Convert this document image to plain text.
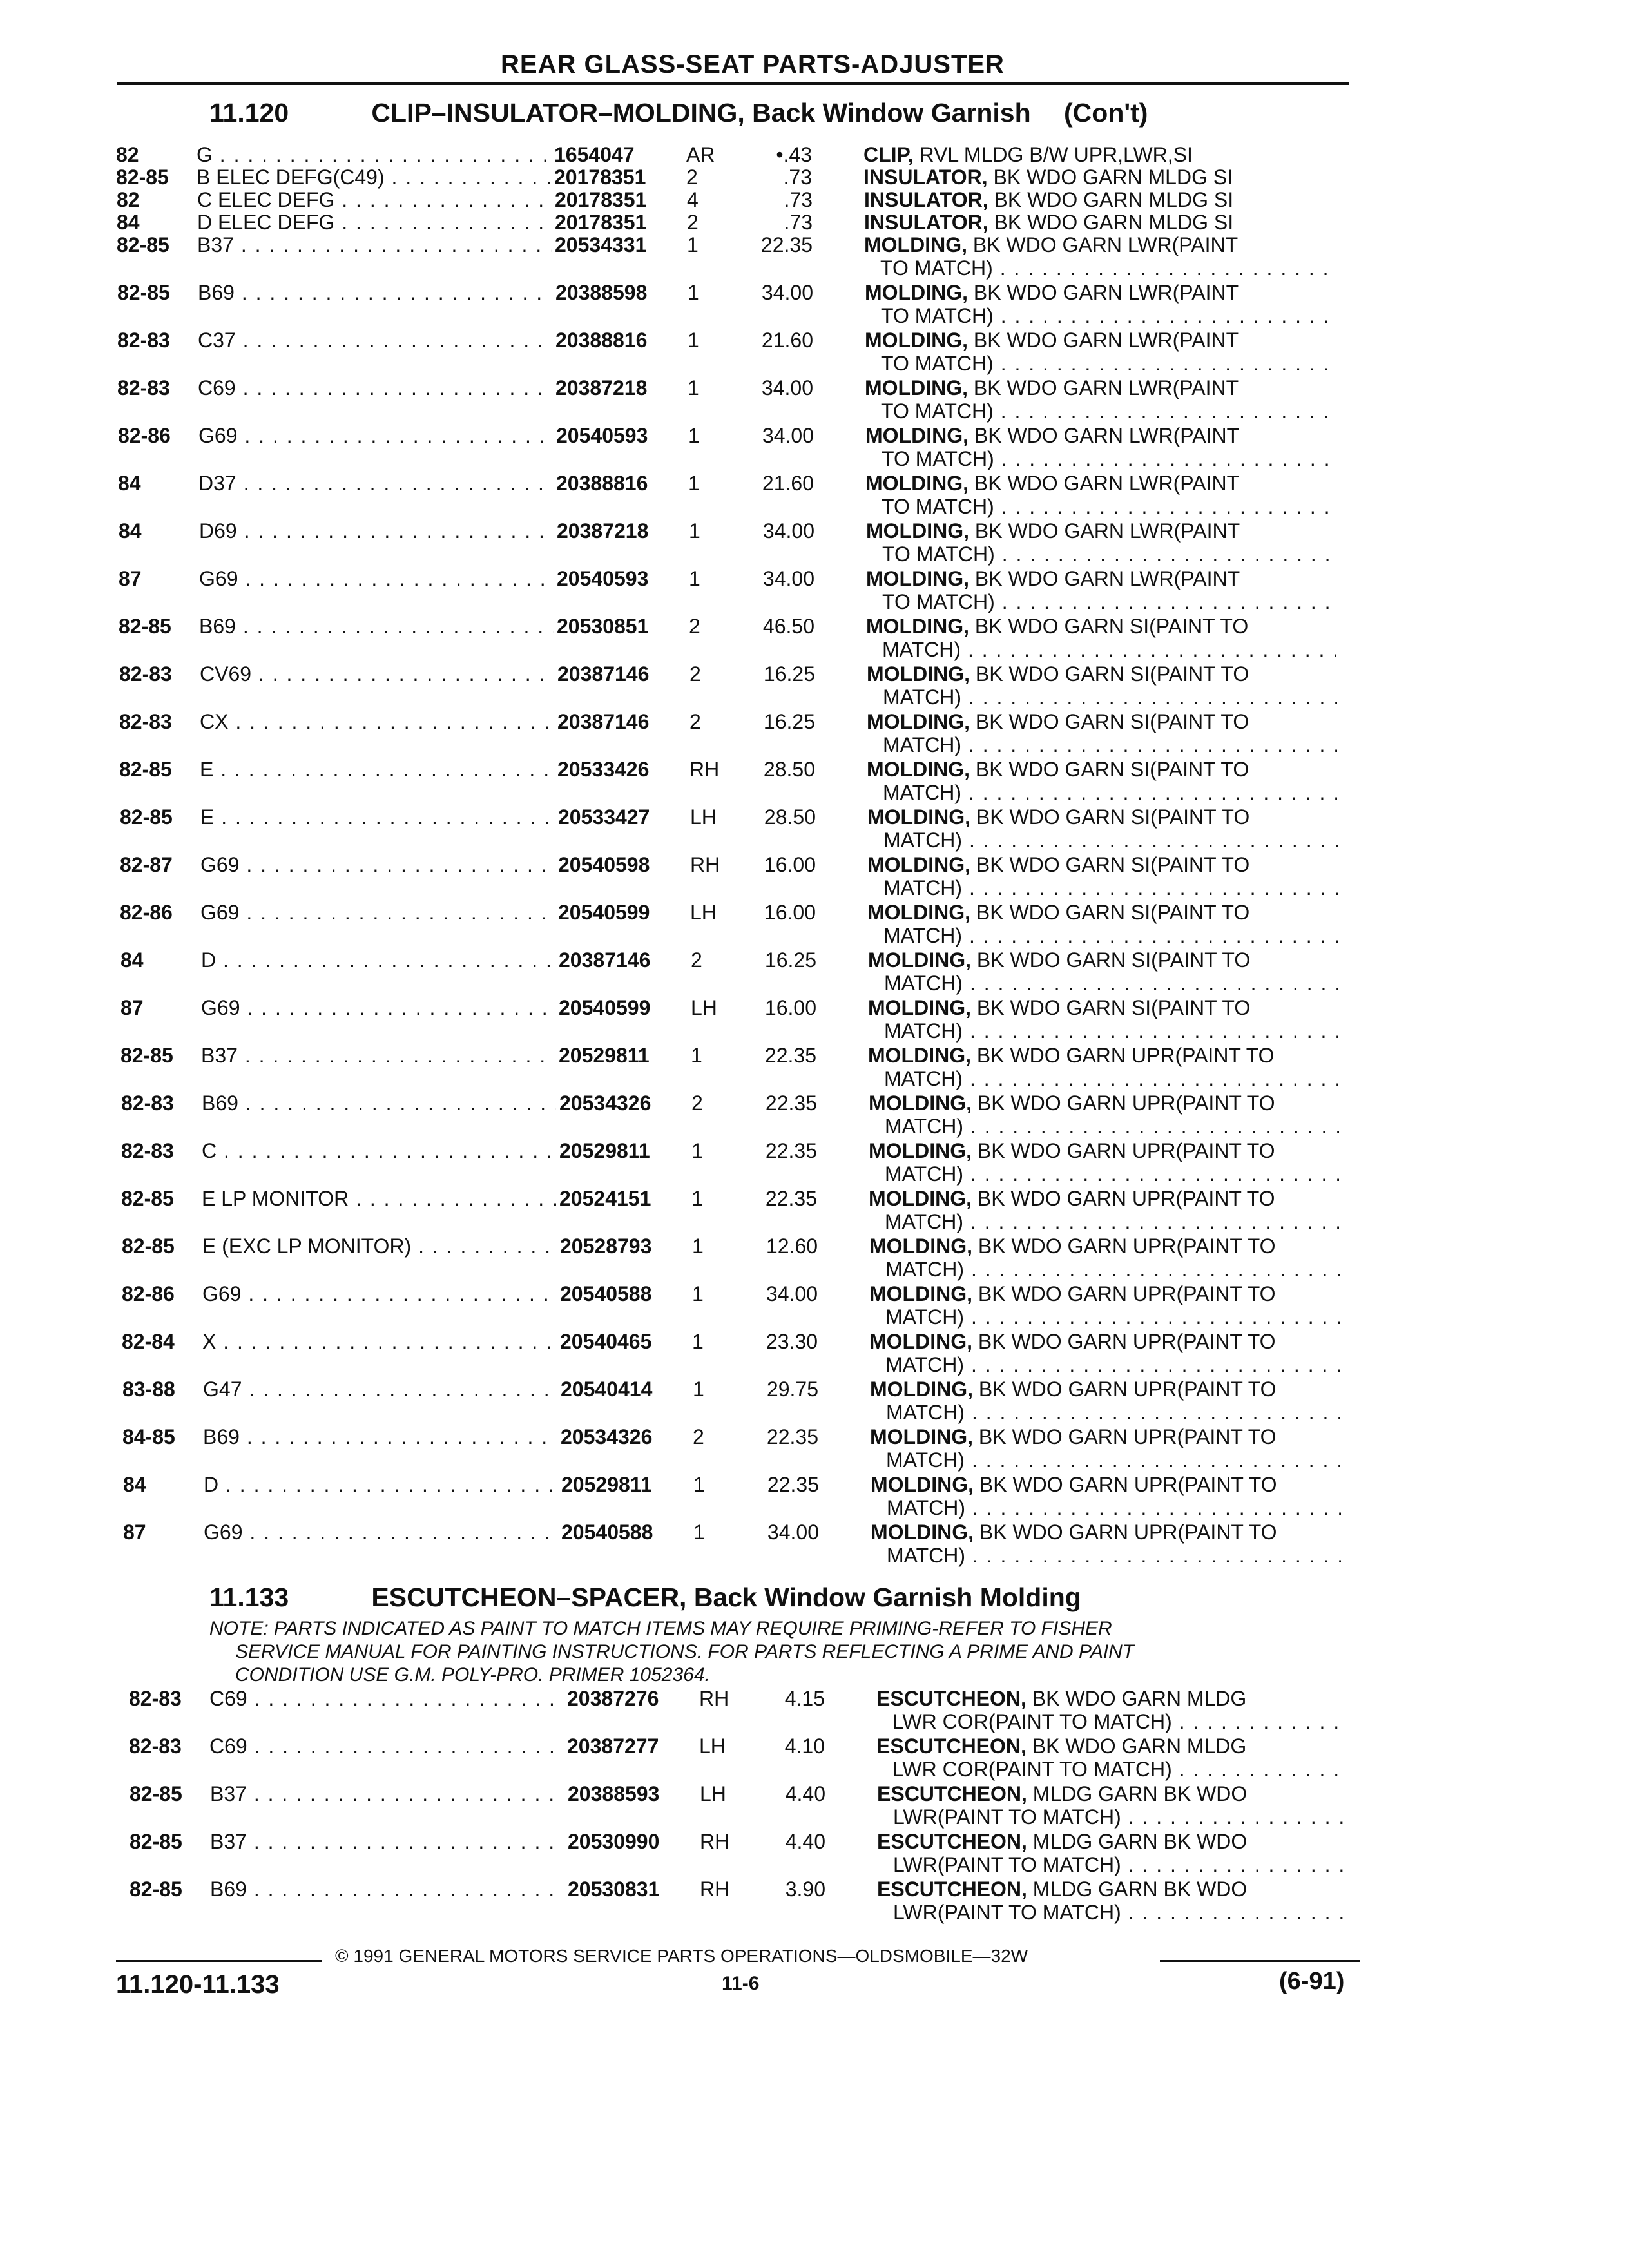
REAR GLASS-SEAT PARTS-ADJUSTER
11.120	CLIP–INSULATOR–MOLDING, Back Window Garnish (Con't)
82	G . . .	1654047	AR	•.43	CLIP, RVL MLDG B/W UPR,LWR,SI
82-85	B ELEC DEFG(C49) . . .	20178351	2	.73	INSULATOR, BK WDO GARN MLDG SI
82	C ELEC DEFG . . .	20178351	4	.73	INSULATOR, BK WDO GARN MLDG SI
84	D ELEC DEFG . . .	20178351	2	.73	INSULATOR, BK WDO GARN MLDG SI
82-85	B37 . . .	20534331	1	22.35	MOLDING, BK WDO GARN LWR(PAINT
TO MATCH) . . .
82-85	B69 . . .	20388598	1	34.00	MOLDING, BK WDO GARN LWR(PAINT
TO MATCH) . . .
82-83	C37 . . .	20388816	1	21.60	MOLDING, BK WDO GARN LWR(PAINT
TO MATCH) . . .
82-83	C69 . . .	20387218	1	34.00	MOLDING, BK WDO GARN LWR(PAINT
TO MATCH) . . .
82-86	G69 . . .	20540593	1	34.00	MOLDING, BK WDO GARN LWR(PAINT
TO MATCH) . . .
84	D37 . . .	20388816	1	21.60	MOLDING, BK WDO GARN LWR(PAINT
TO MATCH) . . .
84	D69 . . .	20387218	1	34.00	MOLDING, BK WDO GARN LWR(PAINT
TO MATCH) . . .
87	G69 . . .	20540593	1	34.00	MOLDING, BK WDO GARN LWR(PAINT
TO MATCH) . . .
82-85	B69 . . .	20530851	2	46.50	MOLDING, BK WDO GARN SI(PAINT TO
MATCH) . . .
82-83	CV69 . . .	20387146	2	16.25	MOLDING, BK WDO GARN SI(PAINT TO
MATCH) . . .
82-83	CX . . .	20387146	2	16.25	MOLDING, BK WDO GARN SI(PAINT TO
MATCH) . . .
82-85	E . . .	20533426	RH	28.50	MOLDING, BK WDO GARN SI(PAINT TO
MATCH) . . .
82-85	E . . .	20533427	LH	28.50	MOLDING, BK WDO GARN SI(PAINT TO
MATCH) . . .
82-87	G69 . . .	20540598	RH	16.00	MOLDING, BK WDO GARN SI(PAINT TO
MATCH) . . .
82-86	G69 . . .	20540599	LH	16.00	MOLDING, BK WDO GARN SI(PAINT TO
MATCH) . . .
84	D . . .	20387146	2	16.25	MOLDING, BK WDO GARN SI(PAINT TO
MATCH) . . .
87	G69 . . .	20540599	LH	16.00	MOLDING, BK WDO GARN SI(PAINT TO
MATCH) . . .
82-85	B37 . . .	20529811	1	22.35	MOLDING, BK WDO GARN UPR(PAINT TO
MATCH) . . .
82-83	B69 . . .	20534326	2	22.35	MOLDING, BK WDO GARN UPR(PAINT TO
MATCH) . . .
82-83	C . . .	20529811	1	22.35	MOLDING, BK WDO GARN UPR(PAINT TO
MATCH) . . .
82-85	E LP MONITOR . . .	20524151	1	22.35	MOLDING, BK WDO GARN UPR(PAINT TO
MATCH) . . .
82-85	E (EXC LP MONITOR) . . .	20528793	1	12.60	MOLDING, BK WDO GARN UPR(PAINT TO
MATCH) . . .
82-86	G69 . . .	20540588	1	34.00	MOLDING, BK WDO GARN UPR(PAINT TO
MATCH) . . .
82-84	X . . .	20540465	1	23.30	MOLDING, BK WDO GARN UPR(PAINT TO
MATCH) . . .
83-88	G47 . . .	20540414	1	29.75	MOLDING, BK WDO GARN UPR(PAINT TO
MATCH) . . .
84-85	B69 . . .	20534326	2	22.35	MOLDING, BK WDO GARN UPR(PAINT TO
MATCH) . . .
84	D . . .	20529811	1	22.35	MOLDING, BK WDO GARN UPR(PAINT TO
MATCH) . . .
87	G69 . . .	20540588	1	34.00	MOLDING, BK WDO GARN UPR(PAINT TO
MATCH) . . .
11.133	ESCUTCHEON–SPACER, Back Window Garnish Molding
NOTE: PARTS INDICATED AS PAINT TO MATCH ITEMS MAY REQUIRE PRIMING-REFER TO FISHER
SERVICE MANUAL FOR PAINTING INSTRUCTIONS. FOR PARTS REFLECTING A PRIME AND PAINT
CONDITION USE G.M. POLY-PRO. PRIMER 1052364.
82-83	C69 . . .	20387276	RH	4.15	ESCUTCHEON, BK WDO GARN MLDG
LWR COR(PAINT TO MATCH) . . .
82-83	C69 . . .	20387277	LH	4.10	ESCUTCHEON, BK WDO GARN MLDG
LWR COR(PAINT TO MATCH) . . .
82-85	B37 . . .	20388593	LH	4.40	ESCUTCHEON, MLDG GARN BK WDO
LWR(PAINT TO MATCH) . . .
82-85	B37 . . .	20530990	RH	4.40	ESCUTCHEON, MLDG GARN BK WDO
LWR(PAINT TO MATCH) . . .
82-85	B69 . . .	20530831	RH	3.90	ESCUTCHEON, MLDG GARN BK WDO
LWR(PAINT TO MATCH) . . .
© 1991 GENERAL MOTORS SERVICE PARTS OPERATIONS—OLDSMOBILE—32W
11.120-11.133	11-6	(6-91)
